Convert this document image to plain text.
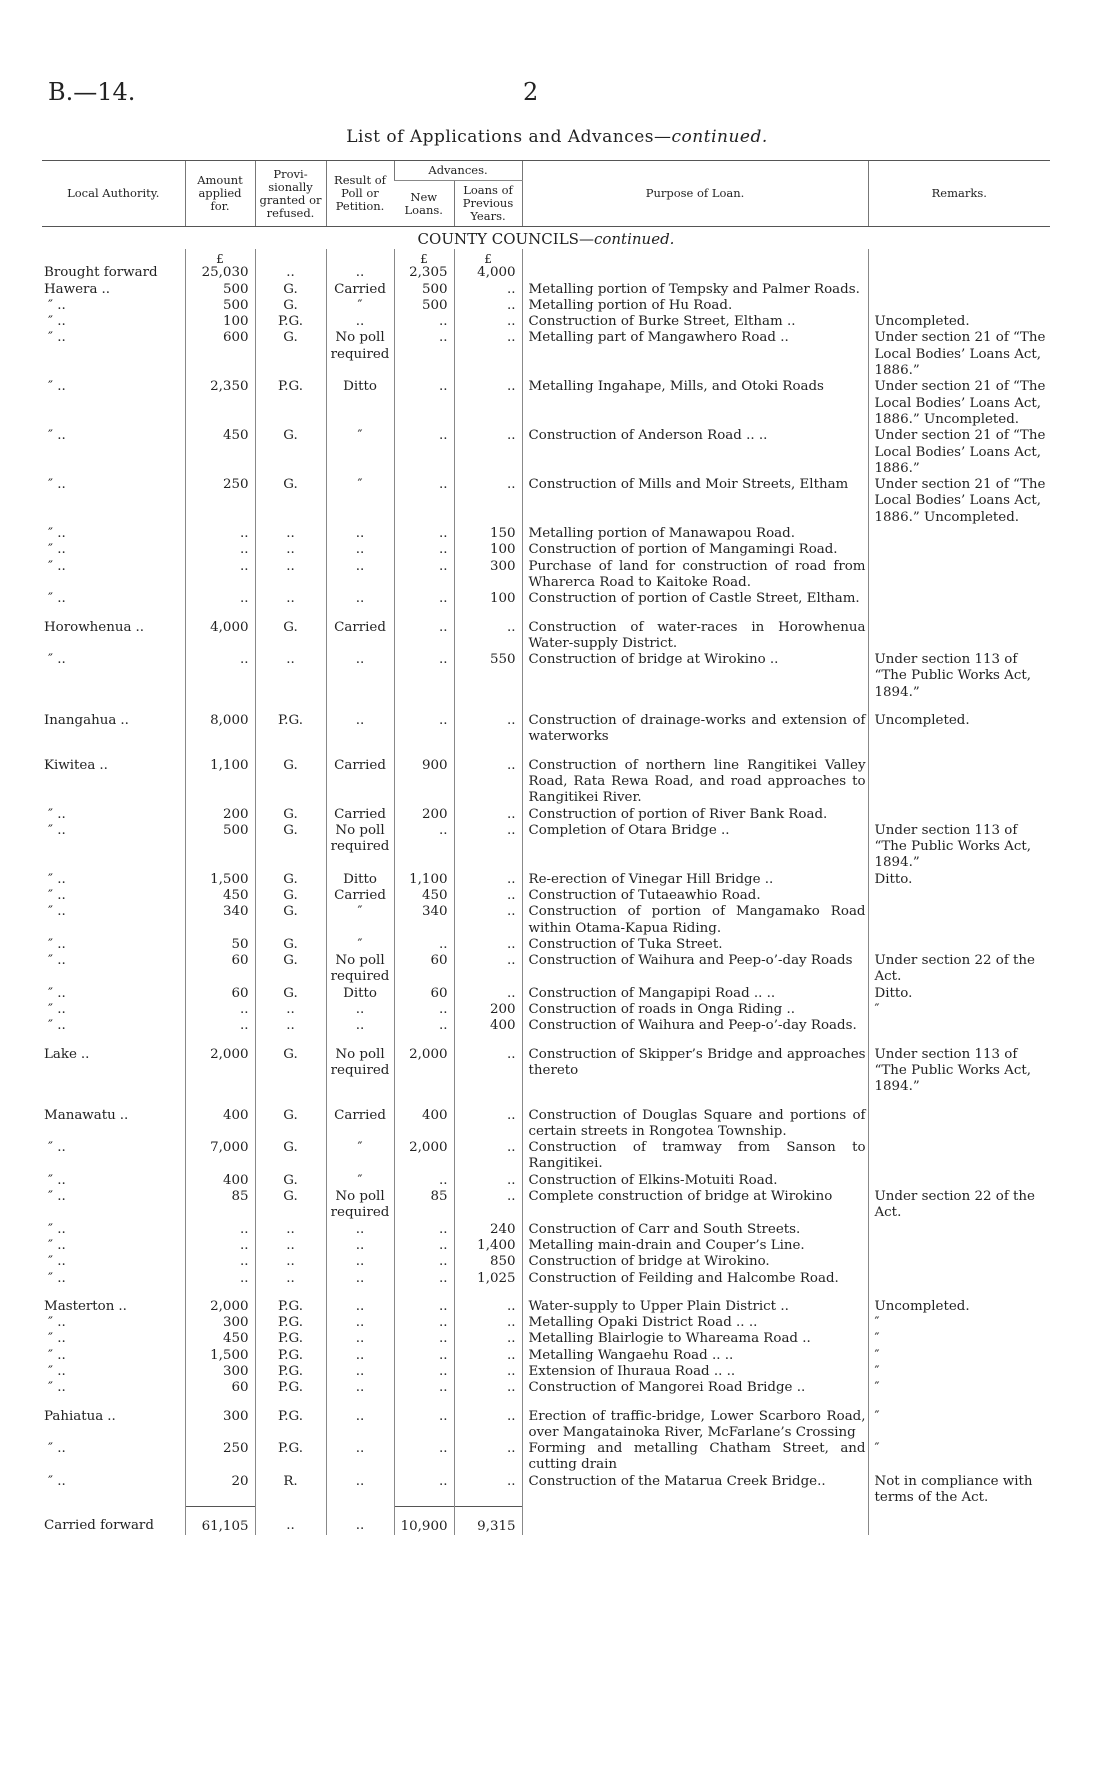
B.—14.	2
List of Applications and Advances—continued.
Local Authority.	Amount applied for.	Provi- sionally granted or refused.	Result of Poll or Petition.	Advances.		Purpose of Loan.	Remarks.
				New Loans.	Loans of Previous Years.		
COUNTY COUNCILS—continued.							
	£			£	£		
Brought forward	25,030	..	..	2,305	4,000		
Hawera ..	500	G.	Carried	500	..	Metalling portion of Tempsky and Palmer Roads.	
″ ..	500	G.	″	500	..	Metalling portion of Hu Road.	
″ ..	100	P.G.	..	..	..	Construction of Burke Street, Eltham ..	Uncompleted.
″ ..	600	G.	No poll required	..	..	Metalling part of Mangawhero Road ..	Under section 21 of “The Local Bodies’ Loans Act, 1886.”
″ ..	2,350	P.G.	Ditto	..	..	Metalling Ingahape, Mills, and Otoki Roads	Under section 21 of “The Local Bodies’ Loans Act, 1886.” Uncompleted.
″ ..	450	G.	″	..	..	Construction of Anderson Road .. ..	Under section 21 of “The Local Bodies’ Loans Act, 1886.”
″ ..	250	G.	″	..	..	Construction of Mills and Moir Streets, Eltham	Under section 21 of “The Local Bodies’ Loans Act, 1886.” Uncompleted.
″ ..	..	..	..	..	150	Metalling portion of Manawapou Road.	
″ ..	..	..	..	..	100	Construction of portion of Mangamingi Road.	
″ ..	..	..	..	..	300	Purchase of land for construction of road from Wharerca Road to Kaitoke Road.	
″ ..	..	..	..	..	100	Construction of portion of Castle Street, Eltham.	

Horowhenua ..	4,000	G.	Carried	..	..	Construction of water-races in Horowhenua Water-supply District.	
″ ..	..	..	..	..	550	Construction of bridge at Wirokino ..	Under section 113 of “The Public Works Act, 1894.”

Inangahua ..	8,000	P.G.	..	..	..	Construction of drainage-works and extension of waterworks	Uncompleted.

Kiwitea ..	1,100	G.	Carried	900	..	Construction of northern line Rangitikei Valley Road, Rata Rewa Road, and road approaches to Rangitikei River.	
″ ..	200	G.	Carried	200	..	Construction of portion of River Bank Road.	
″ ..	500	G.	No poll required	..	..	Completion of Otara Bridge ..	Under section 113 of “The Public Works Act, 1894.”
″ ..	1,500	G.	Ditto	1,100	..	Re-erection of Vinegar Hill Bridge ..	Ditto.
″ ..	450	G.	Carried	450	..	Construction of Tutaeawhio Road.	
″ ..	340	G.	″	340	..	Construction of portion of Mangamako Road within Otama-Kapua Riding.	
″ ..	50	G.	″	..	..	Construction of Tuka Street.	
″ ..	60	G.	No poll required	60	..	Construction of Waihura and Peep-o’-day Roads	Under section 22 of the Act.
″ ..	60	G.	Ditto	60	..	Construction of Mangapipi Road .. ..	Ditto.
″ ..	..	..	..	..	200	Construction of roads in Onga Riding ..	″
″ ..	..	..	..	..	400	Construction of Waihura and Peep-o’-day Roads.	

Lake ..	2,000	G.	No poll required	2,000	..	Construction of Skipper’s Bridge and approaches thereto	Under section 113 of “The Public Works Act, 1894.”

Manawatu ..	400	G.	Carried	400	..	Construction of Douglas Square and portions of certain streets in Rongotea Township.	
″ ..	7,000	G.	″	2,000	..	Construction of tramway from Sanson to Rangitikei.	
″ ..	400	G.	″	..	..	Construction of Elkins-Motuiti Road.	
″ ..	85	G.	No poll required	85	..	Complete construction of bridge at Wirokino	Under section 22 of the Act.
″ ..	..	..	..	..	240	Construction of Carr and South Streets.	
″ ..	..	..	..	..	1,400	Metalling main-drain and Couper’s Line.	
″ ..	..	..	..	..	850	Construction of bridge at Wirokino.	
″ ..	..	..	..	..	1,025	Construction of Feilding and Halcombe Road.	

Masterton ..	2,000	P.G.	..	..	..	Water-supply to Upper Plain District ..	Uncompleted.
″ ..	300	P.G.	..	..	..	Metalling Opaki District Road .. ..	″
″ ..	450	P.G.	..	..	..	Metalling Blairlogie to Whareama Road ..	″
″ ..	1,500	P.G.	..	..	..	Metalling Wangaehu Road .. ..	″
″ ..	300	P.G.	..	..	..	Extension of Ihuraua Road .. ..	″
″ ..	60	P.G.	..	..	..	Construction of Mangorei Road Bridge ..	″

Pahiatua ..	300	P.G.	..	..	..	Erection of traffic-bridge, Lower Scarboro Road, over Mangatainoka River, McFarlane’s Crossing	″
″ ..	250	P.G.	..	..	..	Forming and metalling Chatham Street, and cutting drain	″
″ ..	20	R.	..	..	..	Construction of the Matarua Creek Bridge..	Not in compliance with terms of the Act.
Carried forward	61,105	..	..	10,900	9,315		
